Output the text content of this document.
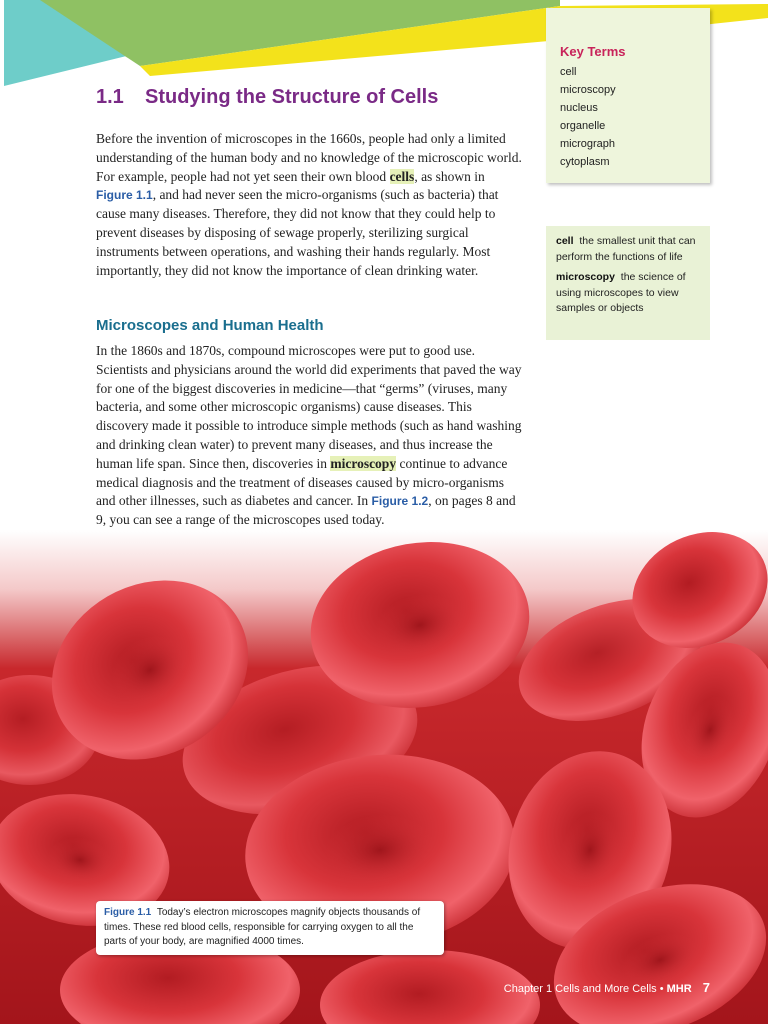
Key Terms
cell
microscopy
nucleus
organelle
micrograph
cytoplasm
1.1 Studying the Structure of Cells

Before the invention of microscopes in the 1660s, people had only a limited understanding of the human body and no knowledge of the microscopic world. For example, people had not yet seen their own blood cells, as shown in Figure 1.1, and had never seen the micro-organisms (such as bacteria) that cause many diseases. Therefore, they did not know that they could help to prevent diseases by disposing of sewage properly, sterilizing surgical instruments between operations, and washing their hands regularly. Most importantly, they did not know the importance of clean drinking water.

Microscopes and Human Health

In the 1860s and 1870s, compound microscopes were put to good use. Scientists and physicians around the world did experiments that paved the way for one of the biggest discoveries in medicine—that “germs” (viruses, many bacteria, and some other microscopic organisms) cause diseases. This discovery made it possible to introduce simple methods (such as hand washing and drinking clean water) to prevent many diseases, and thus increase the human life span. Since then, discoveries in microscopy continue to advance medical diagnosis and the treatment of diseases caused by micro-organisms and other illnesses, such as diabetes and cancer. In Figure 1.2, on pages 8 and 9, you can see a range of the microscopes used today.

cell the smallest unit that can perform the functions of life

microscopy the science of using microscopes to view samples or objects

Figure 1.1 Today’s electron microscopes magnify objects thousands of times. These red blood cells, responsible for carrying oxygen to all the parts of your body, are magnified 4000 times.
Chapter 1 Cells and More Cells • MHR 7
